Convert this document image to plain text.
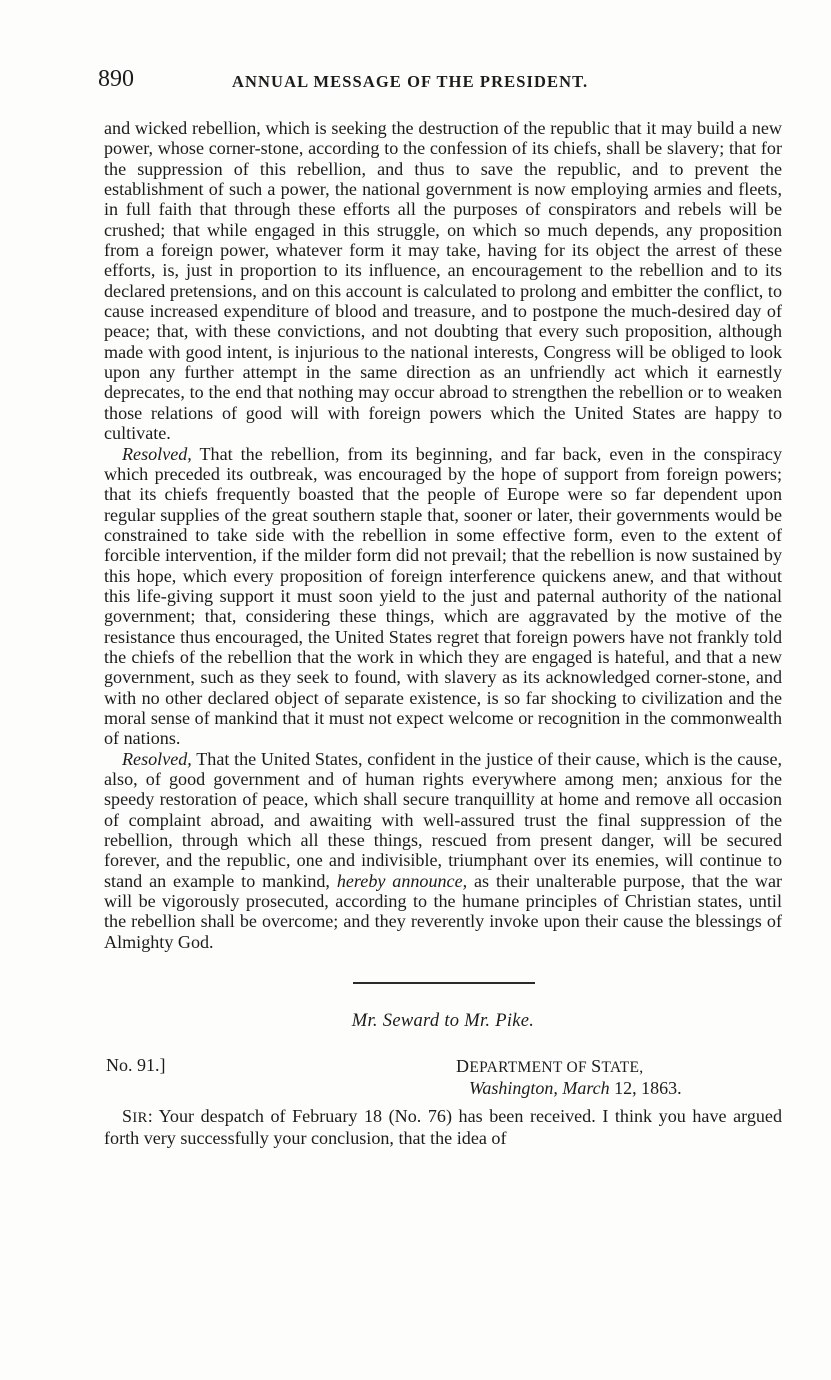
890	ANNUAL MESSAGE OF THE PRESIDENT.

and wicked rebellion, which is seeking the destruction of the republic that it may build a new power, whose corner-stone, according to the confession of its chiefs, shall be slavery; that for the suppression of this rebellion, and thus to save the republic, and to prevent the establishment of such a power, the national government is now employing armies and fleets, in full faith that through these efforts all the purposes of conspirators and rebels will be crushed; that while engaged in this struggle, on which so much depends, any proposition from a foreign power, whatever form it may take, having for its object the arrest of these efforts, is, just in proportion to its influence, an encouragement to the rebellion and to its declared pretensions, and on this account is calculated to prolong and embitter the conflict, to cause increased expenditure of blood and treasure, and to postpone the much-desired day of peace; that, with these convictions, and not doubting that every such proposition, although made with good intent, is injurious to the national interests, Congress will be obliged to look upon any further attempt in the same direction as an unfriendly act which it earnestly deprecates, to the end that nothing may occur abroad to strengthen the rebellion or to weaken those relations of good will with foreign powers which the United States are happy to cultivate.

Resolved, That the rebellion, from its beginning, and far back, even in the conspiracy which preceded its outbreak, was encouraged by the hope of support from foreign powers; that its chiefs frequently boasted that the people of Europe were so far dependent upon regular supplies of the great southern staple that, sooner or later, their governments would be constrained to take side with the rebellion in some effective form, even to the extent of forcible intervention, if the milder form did not prevail; that the rebellion is now sustained by this hope, which every proposition of foreign interference quickens anew, and that without this life-giving support it must soon yield to the just and paternal authority of the national government; that, considering these things, which are aggravated by the motive of the resistance thus encouraged, the United States regret that foreign powers have not frankly told the chiefs of the rebellion that the work in which they are engaged is hateful, and that a new government, such as they seek to found, with slavery as its acknowledged corner-stone, and with no other declared object of separate existence, is so far shocking to civilization and the moral sense of mankind that it must not expect welcome or recognition in the commonwealth of nations.

Resolved, That the United States, confident in the justice of their cause, which is the cause, also, of good government and of human rights everywhere among men; anxious for the speedy restoration of peace, which shall secure tranquillity at home and remove all occasion of complaint abroad, and awaiting with well-assured trust the final suppression of the rebellion, through which all these things, rescued from present danger, will be secured forever, and the republic, one and indivisible, triumphant over its enemies, will continue to stand an example to mankind, hereby announce, as their unalterable purpose, that the war will be vigorously prosecuted, according to the humane principles of Christian states, until the rebellion shall be overcome; and they reverently invoke upon their cause the blessings of Almighty God.

Mr. Seward to Mr. Pike.
No. 91.]	DEPARTMENT OF STATE,
Washington, March 12, 1863.

SIR: Your despatch of February 18 (No. 76) has been received. I think you have argued forth very successfully your conclusion, that the idea of
